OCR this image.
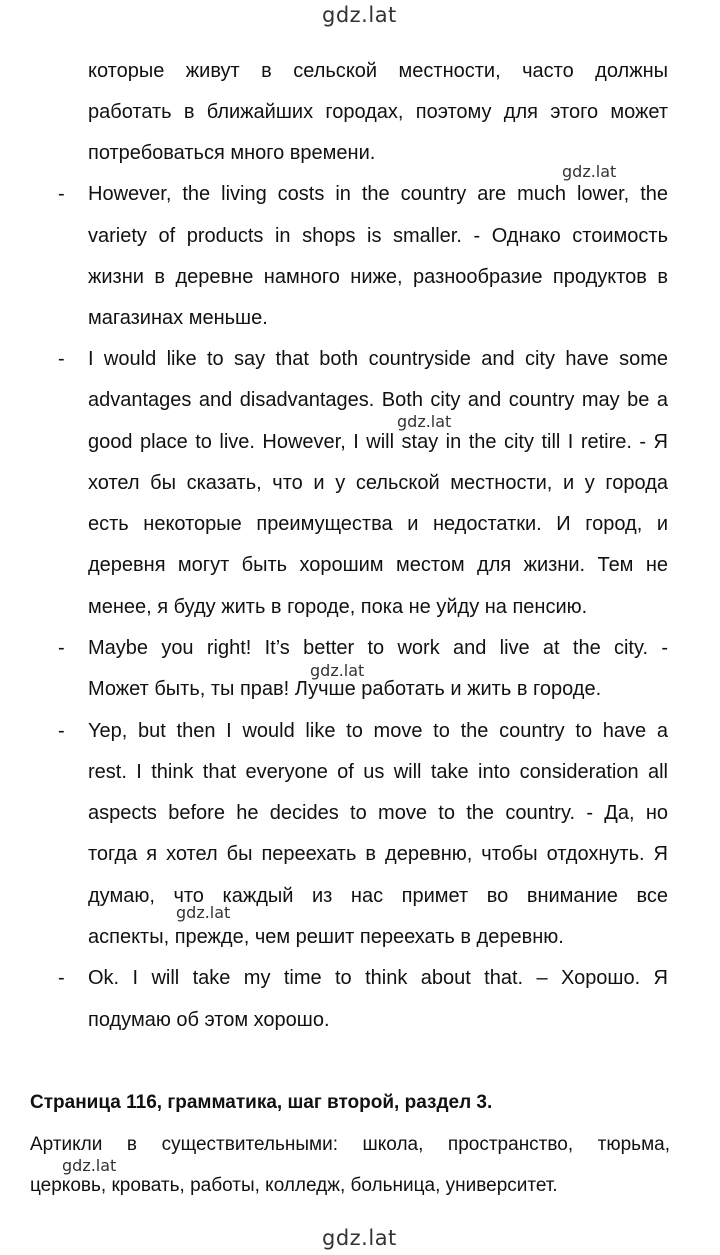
gdz.lat
gdz.lat
gdz.lat
gdz.lat
gdz.lat
gdz.lat
gdz.lat
-
-
-
-
-
которые живут в сельской местности, часто должны
работать в ближайших городах, поэтому для этого может
потребоваться много времени.
However, the living costs in the country are much lower, the
variety of products in shops is smaller. - Однако стоимость
жизни в деревне намного ниже, разнообразие продуктов в
магазинах меньше.
I would like to say that both countryside and city have some
advantages and disadvantages. Both city and country may be a
good place to live. However, I will stay in the city till I retire. - Я
хотел бы сказать, что и у сельской местности, и у города
есть некоторые преимущества и недостатки. И город, и
деревня могут быть хорошим местом для жизни. Тем не
менее, я буду жить в городе, пока не уйду на пенсию.
Maybe you right! It’s better to work and live at the city. -
Может быть, ты прав! Лучше работать и жить в городе.
Yep, but then I would like to move to the country to have a
rest. I think that everyone of us will take into consideration all
aspects before he decides to move to the country. - Да, но
тогда я хотел бы переехать в деревню, чтобы отдохнуть. Я
думаю, что каждый из нас примет во внимание все
аспекты, прежде, чем решит переехать в деревню.
Ok. I will take my time to think about that. – Хорошо. Я
подумаю об этом хорошо.
Страница 116, грамматика, шаг второй, раздел 3.
Артикли в существительными: школа, пространство, тюрьма,
церковь, кровать, работы, колледж, больница, университет.
